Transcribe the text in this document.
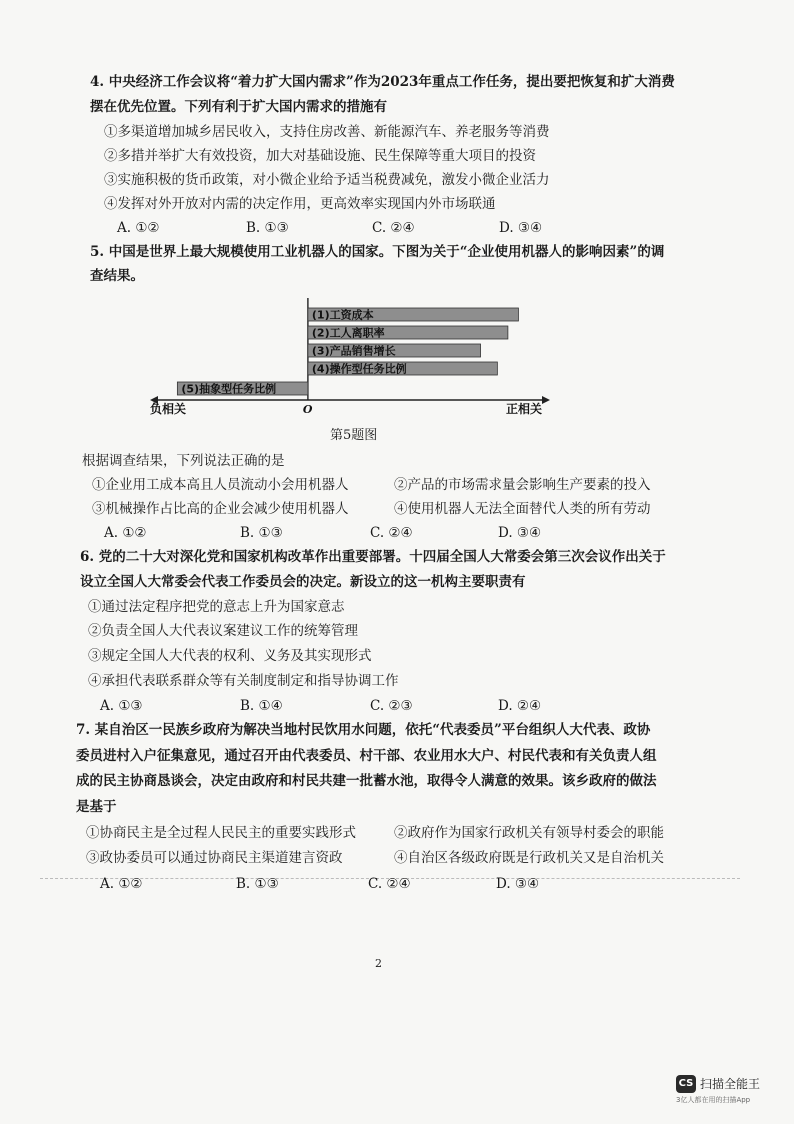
4. 中央经济工作会议将“着力扩大国内需求”作为2023年重点工作任务，提出要把恢复和扩大消费
摆在优先位置。下列有利于扩大国内需求的措施有
①多渠道增加城乡居民收入，支持住房改善、新能源汽车、养老服务等消费
②多措并举扩大有效投资，加大对基础设施、民生保障等重大项目的投资
③实施积极的货币政策，对小微企业给予适当税费减免，激发小微企业活力
④发挥对外开放对内需的决定作用，更高效率实现国内外市场联通
A. ①②	B. ①③	C. ②④	D. ③④
5. 中国是世界上最大规模使用工业机器人的国家。下图为关于“企业使用机器人的影响因素”的调
查结果。
(1)工资成本
(2)工人离职率
(3)产品销售增长
(4)操作型任务比例
(5)抽象型任务比例
负相关	正相关
O
第5题图
根据调查结果，下列说法正确的是
①企业用工成本高且人员流动小会用机器人	②产品的市场需求量会影响生产要素的投入
③机械操作占比高的企业会减少使用机器人	④使用机器人无法全面替代人类的所有劳动
A. ①②	B. ①③	C. ②④	D. ③④
6. 党的二十大对深化党和国家机构改革作出重要部署。十四届全国人大常委会第三次会议作出关于
设立全国人大常委会代表工作委员会的决定。新设立的这一机构主要职责有
①通过法定程序把党的意志上升为国家意志
②负责全国人大代表议案建议工作的统筹管理
③规定全国人大代表的权利、义务及其实现形式
④承担代表联系群众等有关制度制定和指导协调工作
A. ①③	B. ①④	C. ②③	D. ②④
7. 某自治区一民族乡政府为解决当地村民饮用水问题，依托“代表委员”平台组织人大代表、政协
委员进村入户征集意见，通过召开由代表委员、村干部、农业用水大户、村民代表和有关负责人组
成的民主协商恳谈会，决定由政府和村民共建一批蓄水池，取得令人满意的效果。该乡政府的做法
是基于
①协商民主是全过程人民民主的重要实践形式	②政府作为国家行政机关有领导村委会的职能
③政协委员可以通过协商民主渠道建言资政	④自治区各级政府既是行政机关又是自治机关
A. ①②	B. ①③	C. ②④	D. ③④
2
CS 扫描全能王
3亿人都在用的扫描App
